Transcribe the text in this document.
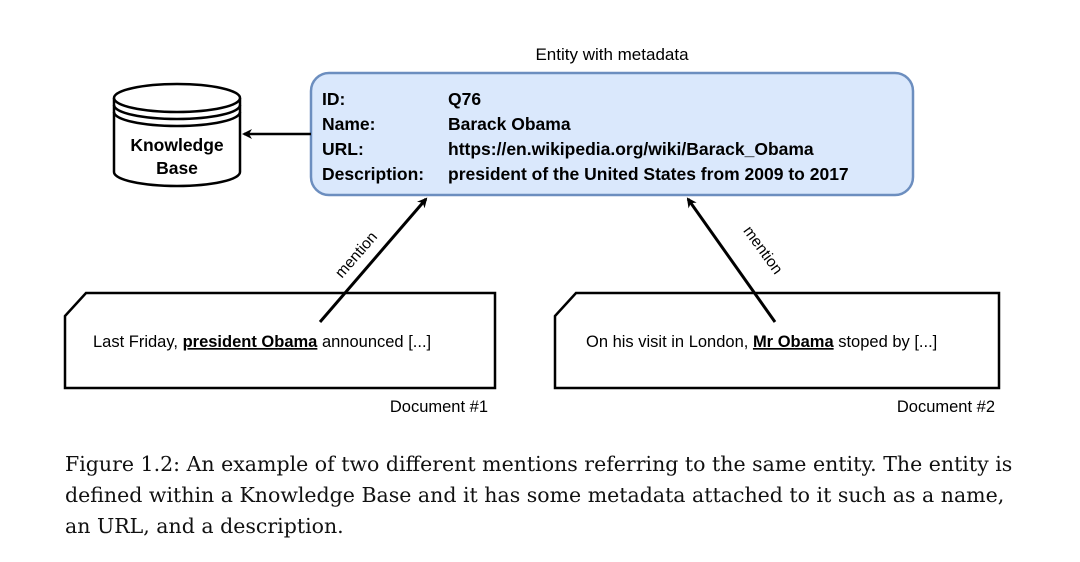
Entity with metadata
ID:	Q76
Name:	Barack Obama
URL:	https://en.wikipedia.org/wiki/Barack_Obama
Description: president of the United States from 2009 to 2017
Knowledge
Base
Last Friday, president Obama announced [...]
Document #1
On his visit in London, Mr Obama stoped by [...]
Document #2
mention	mention

Figure 1.2: An example of two different mentions referring to the same entity. The entity is defined within a Knowledge Base and it has some metadata attached to it such as a name, an URL, and a description.
